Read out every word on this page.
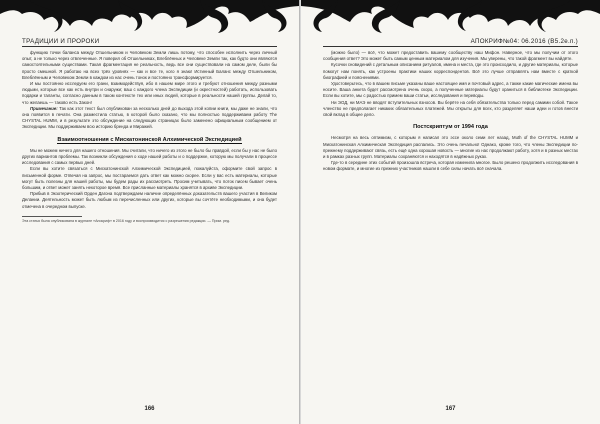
ТРАДИЦИИ И ПРОРОКИ

функцию точки баланса между Отшельником и Человеком Земли лишь потому, что способен исполнить через личный опыт, а не только через отвлеченные. Я поверил об Отшельниках, Влеблённых и Человеке Земли так, как будто они являются самостоятельными существами. Такая фрагментация не реальность, ведь все они существовали на самом деле, были бы просто смешной. Я работаю на всех трёх уровнях — как и все те, кого я знаю! Истинный Баланс между Отшельником, Влеблённым и Человеком Земли в каждом из нас очень тонок и постоянно трансформируется.

И мы постоянно исследуем его грани, взаимодействуя, ибо в нашем мире этого и требуют отношения между разными людьми, которые все как есть внутри и снаружи; ваш с каждого члена Экспедиции (и окрестностей) работать, использовать подарки и таланты, согласно данным в таком контексте тех или иных людей, которые в реальности нашей группы. Делай то, что желаешь — таково есть Закон!

Примечание: Так как этот текст был опубликован за несколько дней до выхода этой копии книги, мы даже не знали, что она появится в печати. Она разместила статью, в которой было сказано, что мы полностью поддерживаем работу The CHYSTAL HUMM, и в результате это обсуждение на следующих страницах было заменено официальным сообщением от Экспедиции. Мы поддерживаем всю историю бренда и Миражей.

Взаимоотношения с Мискатонинской Алхимической Экспедицией

Мы не можем ничего для нашего отношения. Мы считали, что ничего из этого не было бы правдой, если бы у нас не было других вариантов проблемы. Так возникли обсуждения о ходе нашей работы и о поддержке, которую мы получали в процессе исследования с самых первых дней.

Если вы хотите связаться с Мискатонинской Алхимической Экспедицией, пожалуйста, оформите свой запрос в письменной форме. Отвечая на запрос, мы постараемся дать ответ как можно скорее. Если у вас есть материалы, которые могут быть полезны для нашей работы, мы будем рады их рассмотреть. Просим учитывать, что поток писем бывает очень большим, и ответ может занять некоторое время. Все присланные материалы хранятся в архиве Экспедиции.

Прибыв в Экзотерический Орден Дагона подтверждаем наличие определённых доказательств вашего участия в Великом Делании. Деятельность может быть любым из перечисленных или других, которые вы сочтёте необходимыми, и она будет отмечена в очередном выпуске.

Эта статья была опубликована в журнале «Апокриф» в 2016 году и воспроизводится с разрешения редакции. — Прим. ред.

166
АПОКРИФ№04: 06.2016 (В5.2е.п.)

(можно было) — всё, что может предоставить вашему сообществу наш Мифон. Наверное, что мы получим от этого сообщения ответ? Это может быть самым ценным материалом для изучения. Мы уверены, что такой фрагмент вы найдёте.

Кусочки сновидений с детальным описанием ритуалов, имена и места, где это происходило, и другие материалы, которые помогут нам понять, как устроены практики наших корреспондентов. Всё это лучше отправлять нам вместе с краткой биографией и пояснениями.

Удостоверьтесь, что в вашем письме указаны ваше настоящее имя и почтовый адрес, а также какие магические имена вы носите. Ваша анкета будет рассмотрена очень скоро, а полученные материалы будут храниться в библиотеке Экспедиции. Если вы хотите, мы с радостью примем ваши статьи, исследования и переводы.

Ни ЭОД, ни МАЭ не вводят вступительных взносов. Вы берёте на себя обязательства только перед самими собой. Такое членство не предполагает никаких обязательных платежей. Мы открыты для всех, кто разделяет наши идеи и готов внести свой вклад в общее дело.

Постскриптум от 1994 года

Несмотря на весь оптимизм, с которым я написал это эссе около семи лет назад, Muth of the CHYSTAL HUMM и Мискатонинская Алхимическая Экспедиция распались. Это очень печально! Однако, кроме того, что члены Экспедиции по-прежнему поддерживают связь, есть ещё одна хорошая новость — многие из нас продолжают работу, хотя и в разных местах и в рамках разных групп. Материалы сохраняются и находятся в надёжных руках.

Где-то в середине этих событий произошла встреча, которая изменила многое. Было решено продолжить исследования в новом формате, и многие из прежних участников нашли в себе силы начать всё сначала.

167
